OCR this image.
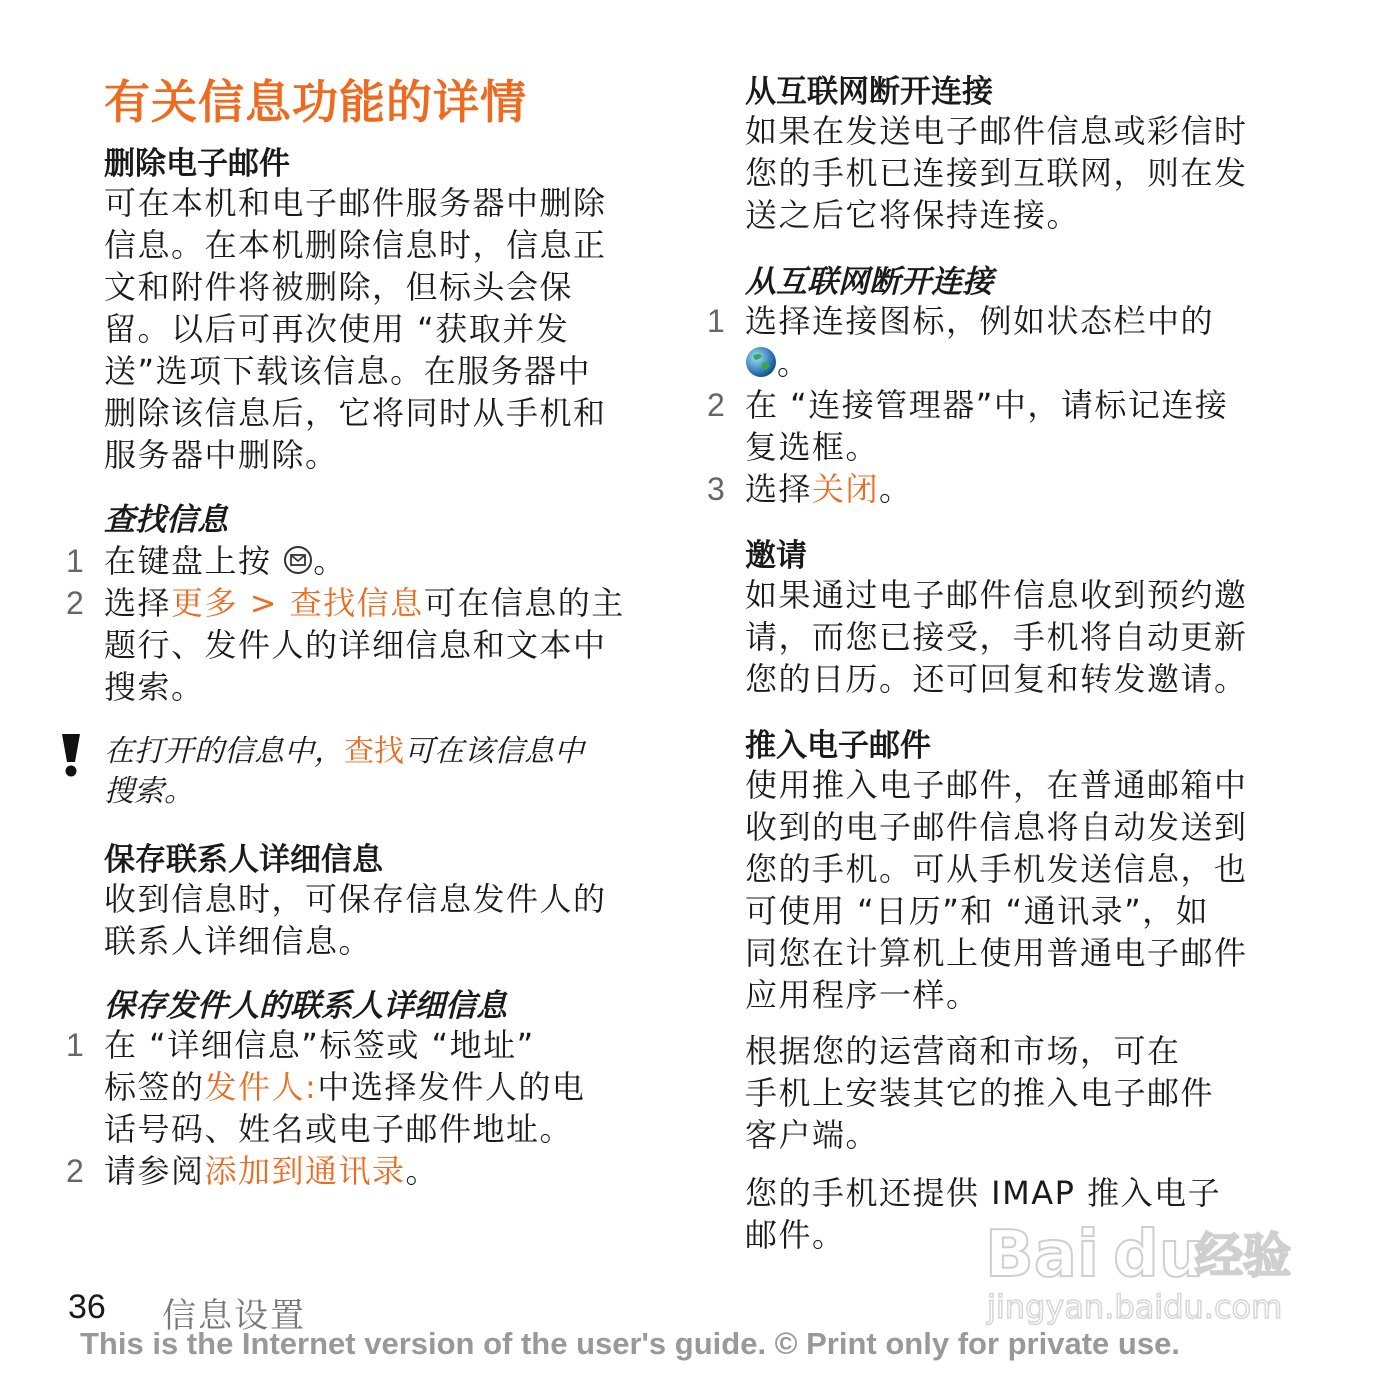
有关信息功能的详情
删除电子邮件

可在本机和电子邮件服务器中删除
信息。在本机删除信息时，信息正
文和附件将被删除，但标头会保
留。以后可再次使用 “获取并发
送”选项下载该信息。在服务器中
删除该信息后，它将同时从手机和
服务器中删除。

查找信息

1 在键盘上按 。

2 选择更多 > 查找信息可在信息的主
题行、发件人的详细信息和文本中
搜索。

在打开的信息中，查找可在该信息中
搜索。

保存联系人详细信息

收到信息时，可保存信息发件人的
联系人详细信息。

保存发件人的联系人详细信息

1 在 “详细信息”标签或 “地址”
标签的发件人:中选择发件人的电
话号码、姓名或电子邮件地址。

2 请参阅添加到通讯录。

从互联网断开连接

如果在发送电子邮件信息或彩信时
您的手机已连接到互联网，则在发
送之后它将保持连接。

从互联网断开连接

1 选择连接图标，例如状态栏中的
。

2 在 “连接管理器”中，请标记连接
复选框。

3 选择关闭。

邀请

如果通过电子邮件信息收到预约邀
请，而您已接受，手机将自动更新
您的日历。还可回复和转发邀请。

推入电子邮件

使用推入电子邮件，在普通邮箱中
收到的电子邮件信息将自动发送到
您的手机。可从手机发送信息，也
可使用 “日历”和 “通讯录”，如
同您在计算机上使用普通电子邮件
应用程序一样。

根据您的运营商和市场，可在
手机上安装其它的推入电子邮件
客户端。

您的手机还提供 IMAP 推入电子
邮件。	Bai du
经验
jingyan.baidu.com
36 信息设置
This is the Internet version of the user's guide. © Print only for private use.
